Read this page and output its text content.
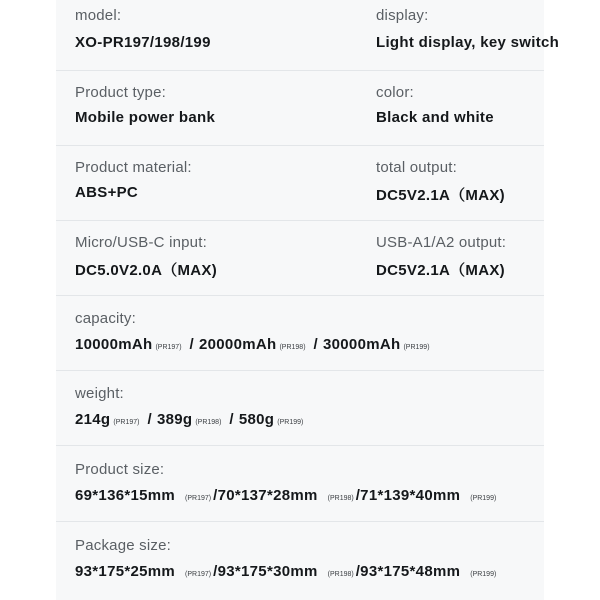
model:
XO-PR197/198/199
display:
Light display, key switch
Product type:
Mobile power bank
color:
Black and white
Product material:
ABS+PC
total output:
DC5V2.1A（MAX)
Micro/USB-C input:
DC5.0V2.0A（MAX)
USB-A1/A2 output:
DC5V2.1A（MAX)
capacity:
10000mAh (PR197) / 20000mAh (PR198) / 30000mAh (PR199)
weight:
214g (PR197) / 389g (PR198) / 580g (PR199)
Product size:
69*136*15mm (PR197) /70*137*28mm (PR198) /71*139*40mm (PR199)
Package size:
93*175*25mm (PR197) /93*175*30mm (PR198) /93*175*48mm (PR199)
